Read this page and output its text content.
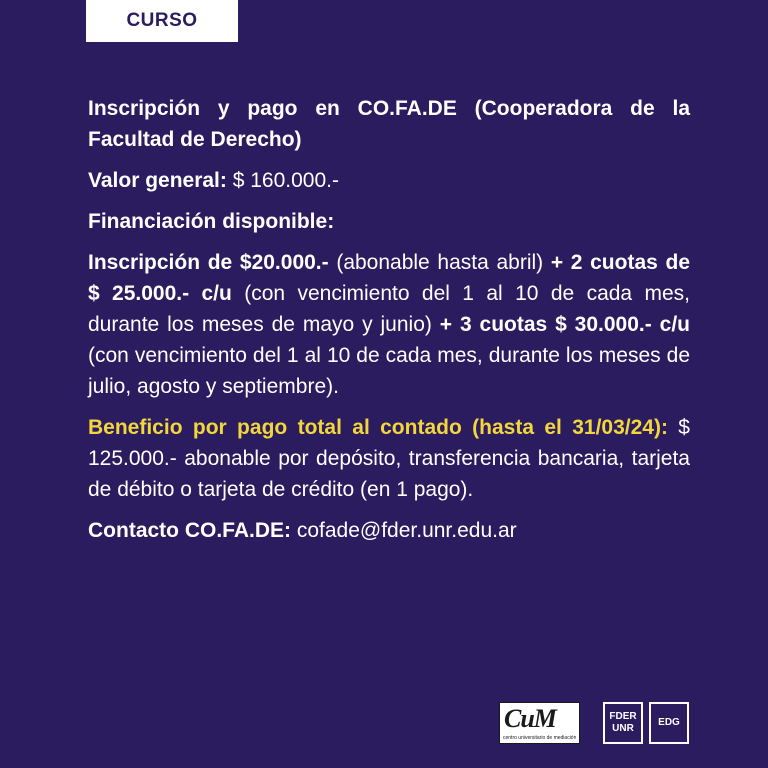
CURSO

Inscripción y pago en CO.FA.DE (Cooperadora de la Facultad de Derecho)

Valor general: $ 160.000.-

Financiación disponible:

Inscripción de $20.000.- (abonable hasta abril) + 2 cuotas de $ 25.000.- c/u (con vencimiento del 1 al 10 de cada mes, durante los meses de mayo y junio) + 3 cuotas $ 30.000.- c/u (con vencimiento del 1 al 10 de cada mes, durante los meses de julio, agosto y septiembre).

Beneficio por pago total al contado (hasta el 31/03/24): $ 125.000.- abonable por depósito, transferencia bancaria, tarjeta de débito o tarjeta de crédito (en 1 pago).

Contacto CO.FA.DE: cofade@fder.unr.edu.ar

CuM
centro universitario de mediación
FDER
UNR
EDG
